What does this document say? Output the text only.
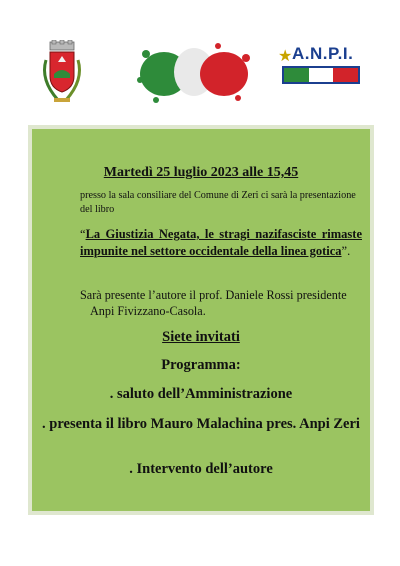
★ A.N.P.I.
Martedì 25 luglio 2023 alle 15,45
presso la sala consiliare del Comune di Zeri ci sarà la presentazione del libro
“La Giustizia Negata, le stragi nazifasciste rimaste impunite nel settore occidentale della linea gotica”.
Sarà presente l’autore il prof. Daniele Rossi presidente
Anpi Fivizzano-Casola.
Siete invitati
Programma:
. saluto dell’Amministrazione
. presenta il libro Mauro Malachina pres. Anpi Zeri
. Intervento dell’autore
